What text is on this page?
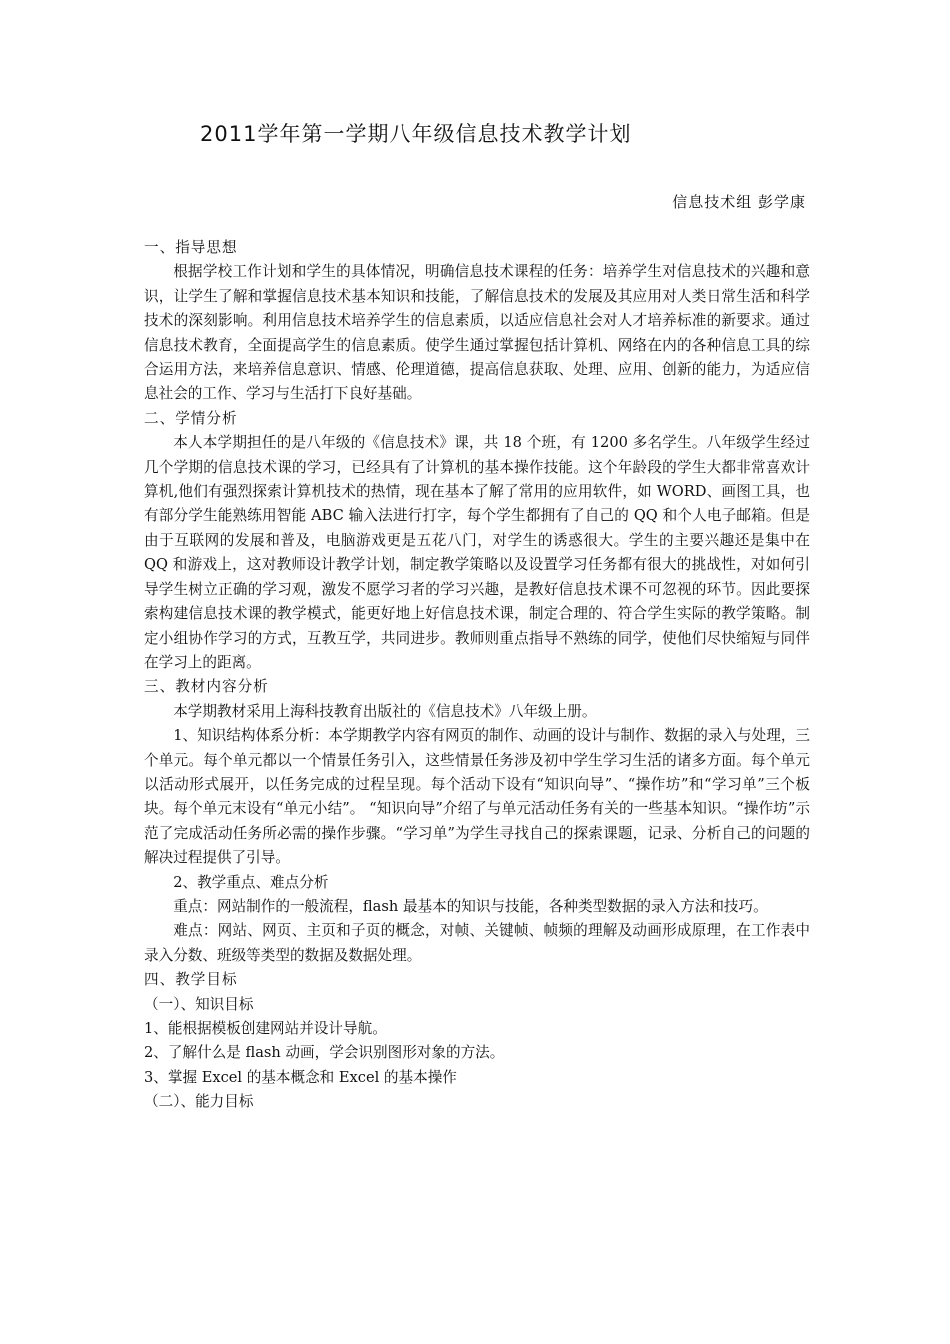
2011学年第一学期八年级信息技术教学计划
信息技术组 彭学康
一、指导思想

根据学校工作计划和学生的具体情况，明确信息技术课程的任务：培养学生对信息技术的兴趣和意识，让学生了解和掌握信息技术基本知识和技能，了解信息技术的发展及其应用对人类日常生活和科学技术的深刻影响。利用信息技术培养学生的信息素质，以适应信息社会对人才培养标准的新要求。通过信息技术教育，全面提高学生的信息素质。使学生通过掌握包括计算机、网络在内的各种信息工具的综合运用方法，来培养信息意识、情感、伦理道德，提高信息获取、处理、应用、创新的能力，为适应信息社会的工作、学习与生活打下良好基础。

二、学情分析

本人本学期担任的是八年级的《信息技术》课，共 18 个班，有 1200 多名学生。八年级学生经过几个学期的信息技术课的学习，已经具有了计算机的基本操作技能。这个年龄段的学生大都非常喜欢计算机,他们有强烈探索计算机技术的热情，现在基本了解了常用的应用软件，如 WORD、画图工具，也有部分学生能熟练用智能 ABC 输入法进行打字，每个学生都拥有了自己的 QQ 和个人电子邮箱。但是由于互联网的发展和普及，电脑游戏更是五花八门，对学生的诱惑很大。学生的主要兴趣还是集中在 QQ 和游戏上，这对教师设计教学计划，制定教学策略以及设置学习任务都有很大的挑战性，对如何引导学生树立正确的学习观，激发不愿学习者的学习兴趣，是教好信息技术课不可忽视的环节。因此要探索构建信息技术课的教学模式，能更好地上好信息技术课，制定合理的、符合学生实际的教学策略。制定小组协作学习的方式，互教互学，共同进步。教师则重点指导不熟练的同学，使他们尽快缩短与同伴在学习上的距离。

三、教材内容分析

本学期教材采用上海科技教育出版社的《信息技术》八年级上册。

1、知识结构体系分析：本学期教学内容有网页的制作、动画的设计与制作、数据的录入与处理，三个单元。每个单元都以一个情景任务引入，这些情景任务涉及初中学生学习生活的诸多方面。每个单元以活动形式展开，以任务完成的过程呈现。每个活动下设有“知识向导”、“操作坊”和“学习单”三个板块。每个单元末设有“单元小结”。 “知识向导”介绍了与单元活动任务有关的一些基本知识。“操作坊”示范了完成活动任务所必需的操作步骤。“学习单”为学生寻找自己的探索课题，记录、分析自己的问题的解决过程提供了引导。

2、教学重点、难点分析

重点：网站制作的一般流程，flash 最基本的知识与技能，各种类型数据的录入方法和技巧。

难点：网站、网页、主页和子页的概念，对帧、关键帧、帧频的理解及动画形成原理，在工作表中录入分数、班级等类型的数据及数据处理。

四、教学目标

（一）、知识目标

1、能根据模板创建网站并设计导航。

2、了解什么是 flash 动画，学会识别图形对象的方法。

3、掌握 Excel 的基本概念和 Excel 的基本操作

（二）、能力目标
